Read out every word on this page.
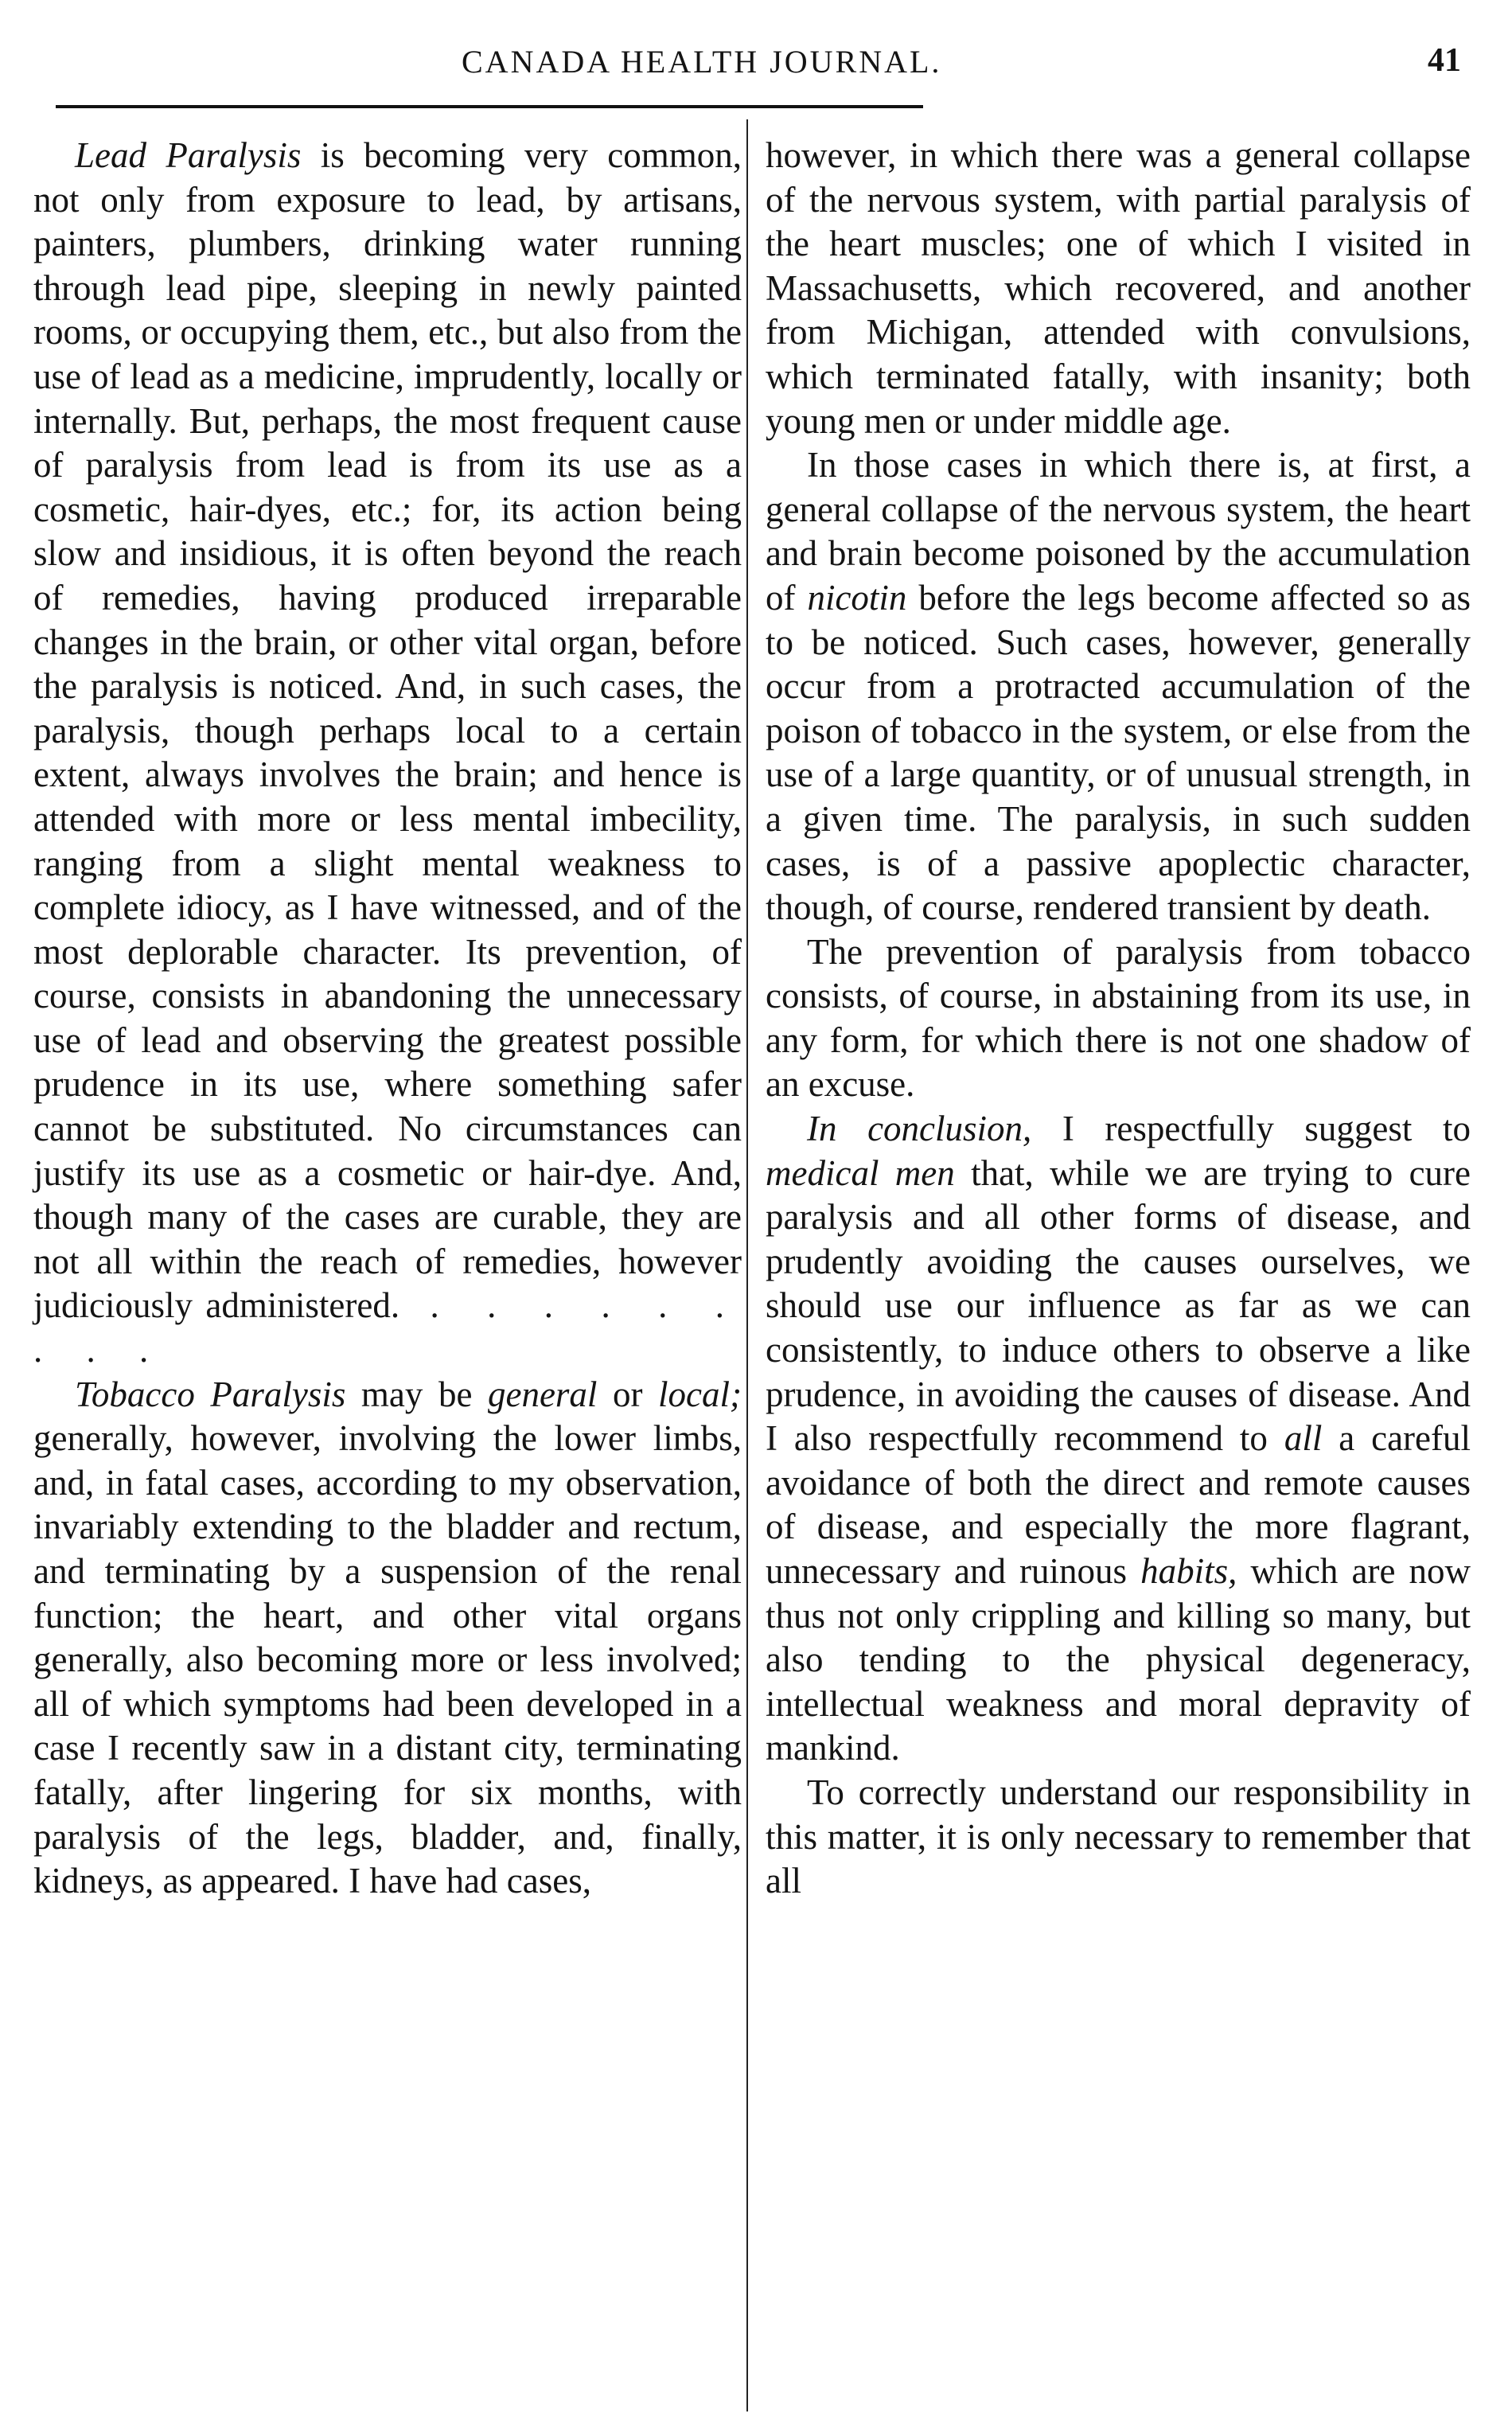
CANADA HEALTH JOURNAL.	41

Lead Paralysis is becoming very common, not only from exposure to lead, by artisans, painters, plumbers, drinking water running through lead pipe, sleeping in newly painted rooms, or occupying them, etc., but also from the use of lead as a medicine, imprudently, locally or internally. But, perhaps, the most frequent cause of paralysis from lead is from its use as a cosmetic, hair-dyes, etc.; for, its action being slow and insidious, it is often beyond the reach of remedies, having produced irreparable changes in the brain, or other vital organ, before the paralysis is noticed. And, in such cases, the paralysis, though perhaps local to a certain extent, always involves the brain; and hence is attended with more or less mental imbecility, ranging from a slight mental weakness to complete idiocy, as I have witnessed, and of the most deplorable character. Its prevention, of course, consists in abandoning the unnecessary use of lead and observing the greatest possible prudence in its use, where something safer cannot be substituted. No circumstances can justify its use as a cosmetic or hair-dye. And, though many of the cases are curable, they are not all within the reach of remedies, however judiciously administered. . . . . . . . . .

Tobacco Paralysis may be general or local; generally, however, involving the lower limbs, and, in fatal cases, according to my observation, invariably extending to the bladder and rectum, and terminating by a suspension of the renal function; the heart, and other vital organs generally, also becoming more or less involved; all of which symptoms had been developed in a case I recently saw in a distant city, terminating fatally, after lingering for six months, with paralysis of the legs, bladder, and, finally, kidneys, as appeared. I have had cases,

however, in which there was a general collapse of the nervous system, with partial paralysis of the heart muscles; one of which I visited in Massachusetts, which recovered, and another from Michigan, attended with convulsions, which terminated fatally, with insanity; both young men or under middle age.

In those cases in which there is, at first, a general collapse of the nervous system, the heart and brain become poisoned by the accumulation of nicotin before the legs become affected so as to be noticed. Such cases, however, generally occur from a protracted accumulation of the poison of tobacco in the system, or else from the use of a large quantity, or of unusual strength, in a given time. The paralysis, in such sudden cases, is of a passive apoplectic character, though, of course, rendered transient by death.

The prevention of paralysis from tobacco consists, of course, in abstaining from its use, in any form, for which there is not one shadow of an excuse.

In conclusion, I respectfully suggest to medical men that, while we are trying to cure paralysis and all other forms of disease, and prudently avoiding the causes ourselves, we should use our influence as far as we can consistently, to induce others to observe a like prudence, in avoiding the causes of disease. And I also respectfully recommend to all a careful avoidance of both the direct and remote causes of disease, and especially the more flagrant, unnecessary and ruinous habits, which are now thus not only crippling and killing so many, but also tending to the physical degeneracy, intellectual weakness and moral depravity of mankind.

To correctly understand our responsibility in this matter, it is only necessary to remember that all
